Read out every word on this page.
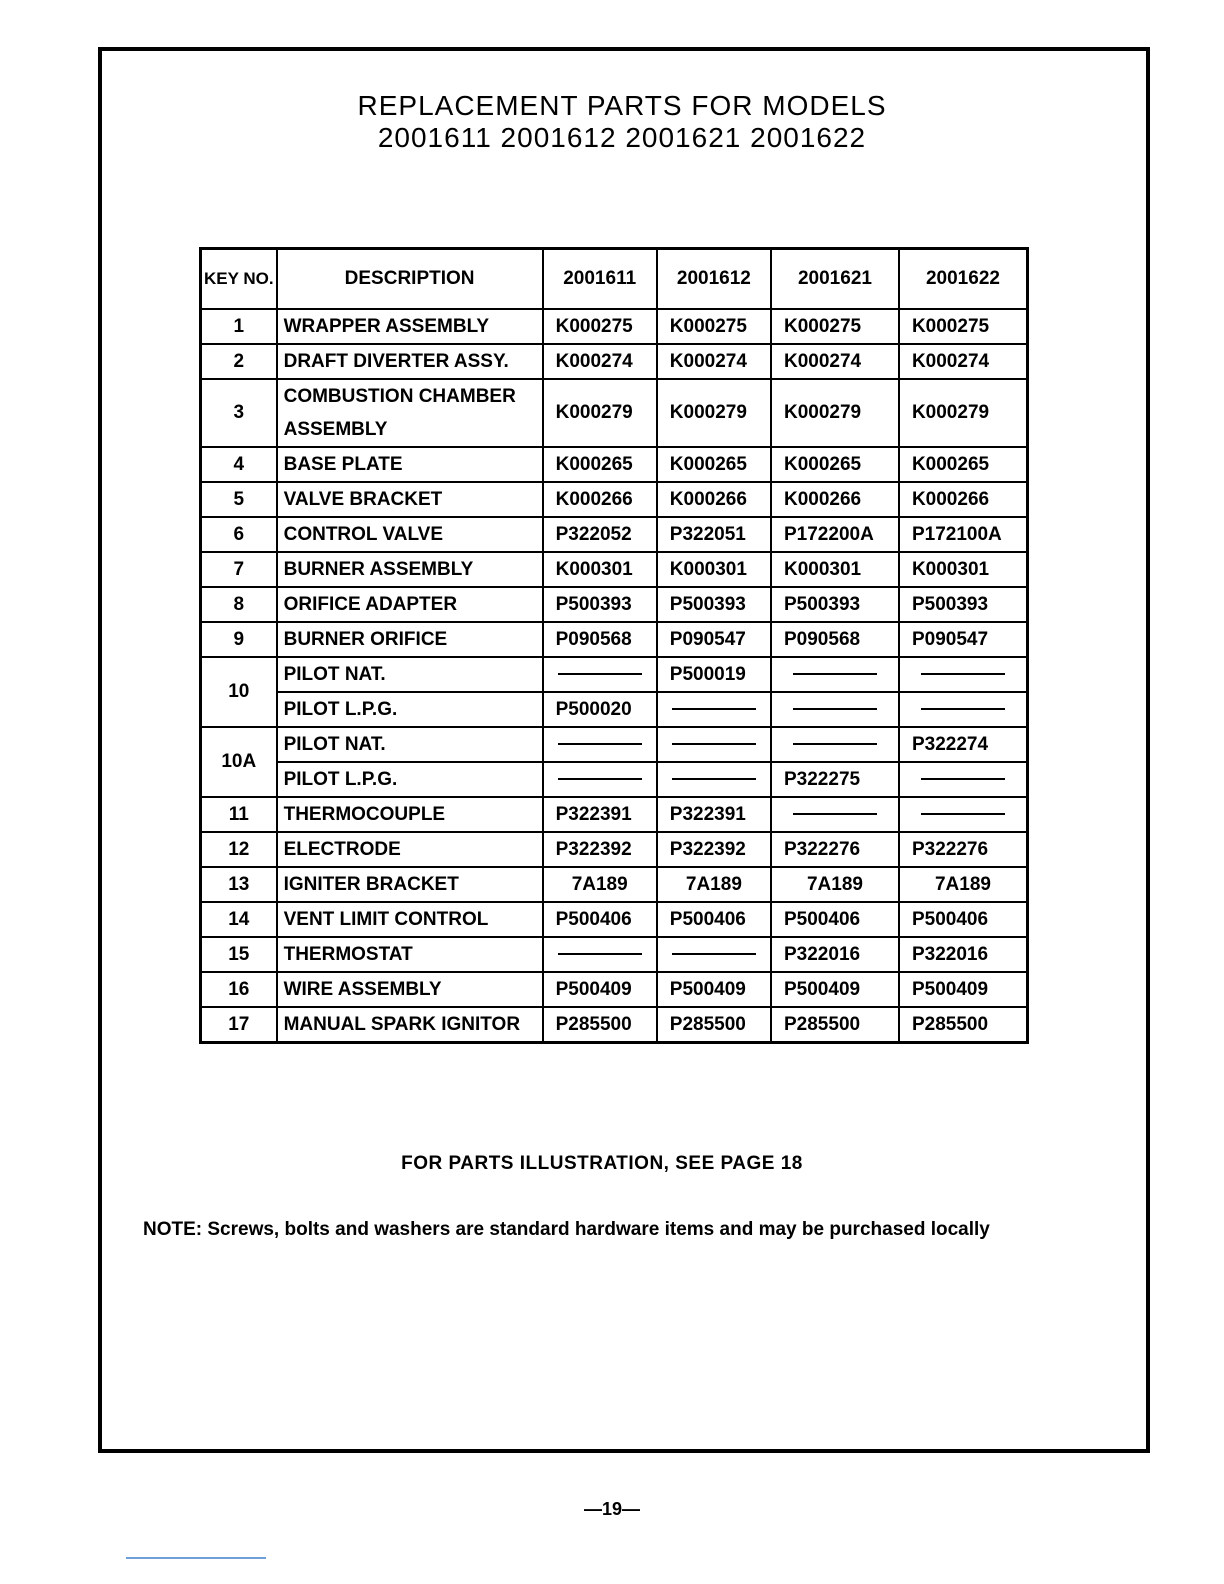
REPLACEMENT PARTS FOR MODELS
2001611 2001612 2001621 2001622
KEY NO.	DESCRIPTION	2001611	2001612	2001621	2001622
1	WRAPPER ASSEMBLY	K000275	K000275	K000275	K000275
2	DRAFT DIVERTER ASSY.	K000274	K000274	K000274	K000274
3	COMBUSTION CHAMBER ASSEMBLY	K000279	K000279	K000279	K000279
4	BASE PLATE	K000265	K000265	K000265	K000265
5	VALVE BRACKET	K000266	K000266	K000266	K000266
6	CONTROL VALVE	P322052	P322051	P172200A	P172100A
7	BURNER ASSEMBLY	K000301	K000301	K000301	K000301
8	ORIFICE ADAPTER	P500393	P500393	P500393	P500393
9	BURNER ORIFICE	P090568	P090547	P090568	P090547
10	PILOT NAT.		P500019		
	PILOT L.P.G.	P500020			
10A	PILOT NAT.				P322274
	PILOT L.P.G.			P322275	
11	THERMOCOUPLE	P322391	P322391		
12	ELECTRODE	P322392	P322392	P322276	P322276
13	IGNITER BRACKET	7A189	7A189	7A189	7A189
14	VENT LIMIT CONTROL	P500406	P500406	P500406	P500406
15	THERMOSTAT			P322016	P322016
16	WIRE ASSEMBLY	P500409	P500409	P500409	P500409
17	MANUAL SPARK IGNITOR	P285500	P285500	P285500	P285500
FOR PARTS ILLUSTRATION, SEE PAGE 18
NOTE: Screws, bolts and washers are standard hardware items and may be purchased locally
—19—
